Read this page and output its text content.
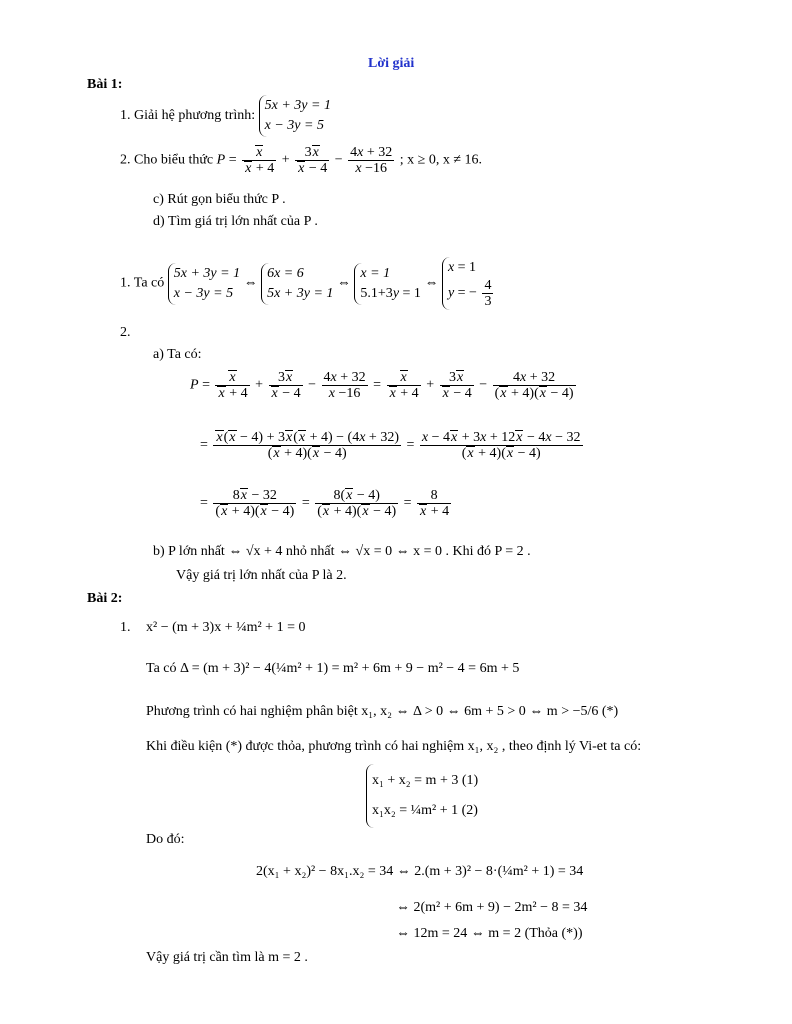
Lời giải
Bài 1:
1. Giải hệ phương trình:
5x + 3y = 1
x − 3y = 5
2. Cho biểu thức $P = \frac{x}{x + 4} + \frac{3x}{x - 4} - \frac{4x + 32}{x -16}$ ; x ≥ 0, x ≠ 16.
c) Rút gọn biểu thức P .
d) Tìm giá trị lớn nhất của P .
1. Ta có
5x + 3y = 1
x − 3y = 5
⇔
6x = 6
5x + 3y = 1
⇔
x = 1
5.1+3y = 1
⇔
x = 1
y = − $\frac{4}{3}$
2.
a) Ta có:
$P = \frac{x}{x + 4} + \frac{3x}{x - 4} - \frac{4x + 32}{x -16} = \frac{x}{x + 4} + \frac{3x}{x - 4} - \frac{4x + 32}{(x + 4)(x - 4)}$
= $\frac{x(x - 4) + 3x(x + 4) - (4x + 32)}{(x + 4)(x - 4)} = \frac{x - 4x + 3x + 12x - 4x - 32}{(x + 4)(x - 4)}$
= $\frac{8x - 32}{(x + 4)(x - 4)} = \frac{8(x - 4)}{(x + 4)(x - 4)} = \frac{8}{x + 4}$
b) P lớn nhất ⇔ √x + 4 nhỏ nhất ⇔ √x = 0 ⇔ x = 0 . Khi đó P = 2 .
Vậy giá trị lớn nhất của P là 2.
Bài 2:
1. x² − (m + 3)x + ¼m² + 1 = 0
Ta có Δ = (m + 3)² − 4(¼m² + 1) = m² + 6m + 9 − m² − 4 = 6m + 5
Phương trình có hai nghiệm phân biệt x₁, x₂ ⇔ Δ > 0 ⇔ 6m + 5 > 0 ⇔ m > −5/6 (*)
Khi điều kiện (*) được thỏa, phương trình có hai nghiệm x₁, x₂ , theo định lý Vi-et ta có:
x₁ + x₂ = m + 3 (1)
x₁x₂ = ¼m² + 1 (2)
Do đó:
2(x₁ + x₂)² − 8x₁.x₂ = 34 ⇔ 2.(m + 3)² − 8·(¼m² + 1) = 34
⇔ 2(m² + 6m + 9) − 2m² − 8 = 34
⇔ 12m = 24 ⇔ m = 2 (Thỏa (*))
Vậy giá trị cần tìm là m = 2 .
